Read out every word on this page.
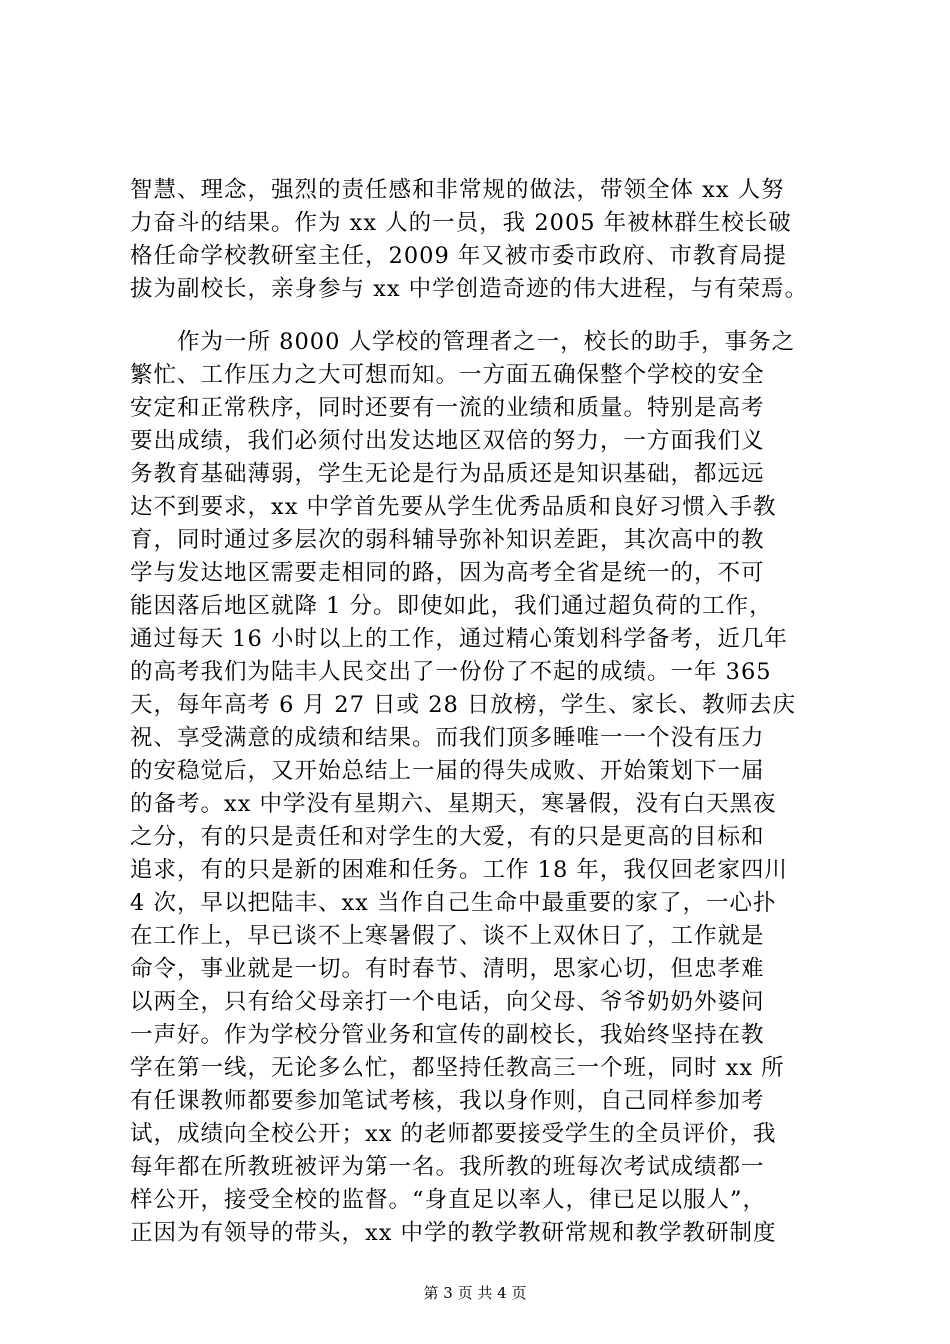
智慧、理念，强烈的责任感和非常规的做法，带领全体 xx 人努
力奋斗的结果。作为 xx 人的一员，我 2005 年被林群生校长破
格任命学校教研室主任，2009 年又被市委市政府、市教育局提
拔为副校长，亲身参与 xx 中学创造奇迹的伟大进程，与有荣焉。
　　作为一所 8000 人学校的管理者之一，校长的助手，事务之
繁忙、工作压力之大可想而知。一方面五确保整个学校的安全
安定和正常秩序，同时还要有一流的业绩和质量。特别是高考
要出成绩，我们必须付出发达地区双倍的努力，一方面我们义
务教育基础薄弱，学生无论是行为品质还是知识基础，都远远
达不到要求，xx 中学首先要从学生优秀品质和良好习惯入手教
育，同时通过多层次的弱科辅导弥补知识差距，其次高中的教
学与发达地区需要走相同的路，因为高考全省是统一的，不可
能因落后地区就降 1 分。即使如此，我们通过超负荷的工作，
通过每天 16 小时以上的工作，通过精心策划科学备考，近几年
的高考我们为陆丰人民交出了一份份了不起的成绩。一年 365
天，每年高考 6 月 27 日或 28 日放榜，学生、家长、教师去庆
祝、享受满意的成绩和结果。而我们顶多睡唯一一个没有压力
的安稳觉后，又开始总结上一届的得失成败、开始策划下一届
的备考。xx 中学没有星期六、星期天，寒暑假，没有白天黑夜
之分，有的只是责任和对学生的大爱，有的只是更高的目标和
追求，有的只是新的困难和任务。工作 18 年，我仅回老家四川
4 次，早以把陆丰、xx 当作自己生命中最重要的家了，一心扑
在工作上，早已谈不上寒暑假了、谈不上双休日了，工作就是
命令，事业就是一切。有时春节、清明，思家心切，但忠孝难
以两全，只有给父母亲打一个电话，向父母、爷爷奶奶外婆问
一声好。作为学校分管业务和宣传的副校长，我始终坚持在教
学在第一线，无论多么忙，都坚持任教高三一个班，同时 xx 所
有任课教师都要参加笔试考核，我以身作则，自己同样参加考
试，成绩向全校公开；xx 的老师都要接受学生的全员评价，我
每年都在所教班被评为第一名。我所教的班每次考试成绩都一
样公开，接受全校的监督。“身直足以率人，律已足以服人”，
正因为有领导的带头，xx 中学的教学教研常规和教学教研制度
第 3 页 共 4 页
